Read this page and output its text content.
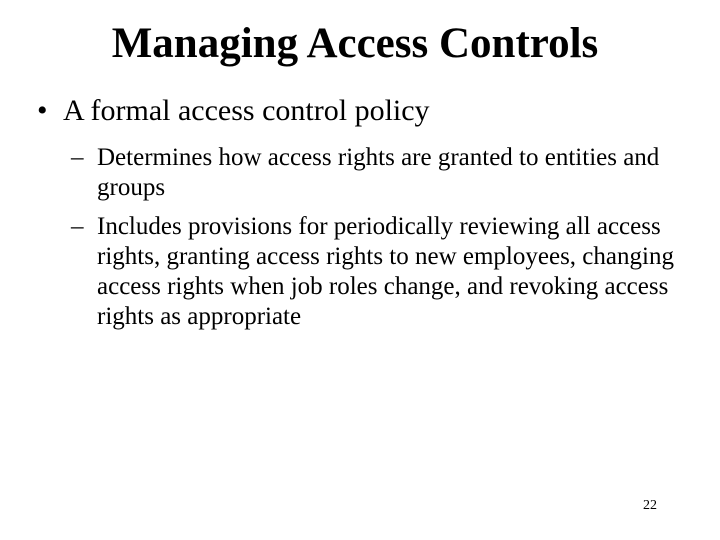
Managing Access Controls
• A formal access control policy
– Determines how access rights are granted to entities and groups
– Includes provisions for periodically reviewing all access rights, granting access rights to new employees, changing access rights when job roles change, and revoking access rights as appropriate
22
